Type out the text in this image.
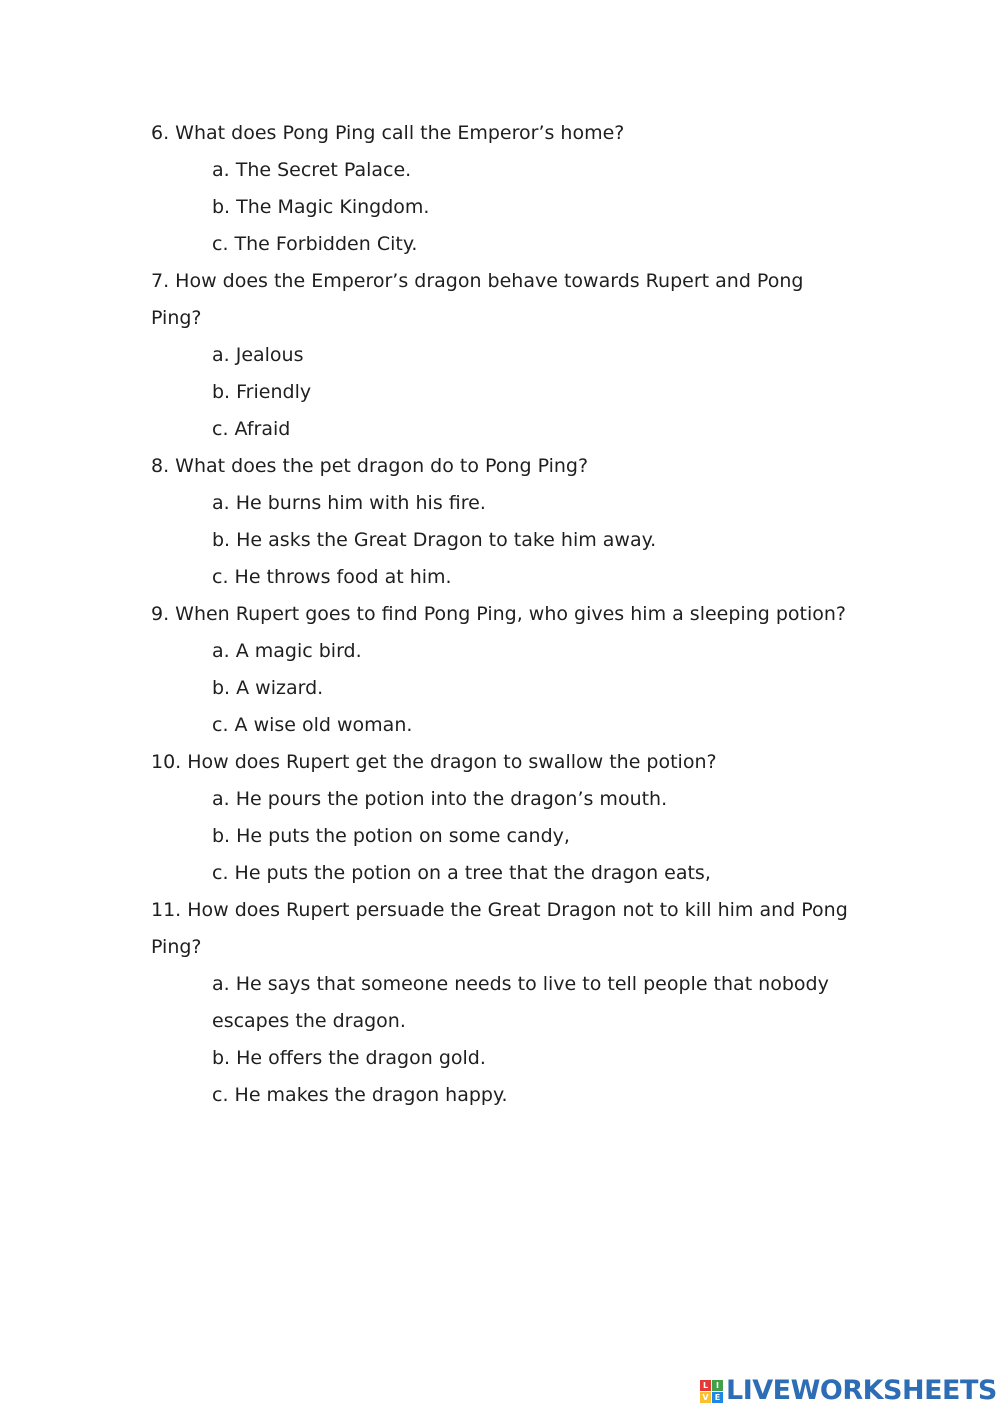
6. What does Pong Ping call the Emperor’s home?

a. The Secret Palace.
b. The Magic Kingdom.
c. The Forbidden City.

7. How does the Emperor’s dragon behave towards Rupert and Pong Ping?

a. Jealous
b. Friendly
c. Afraid

8. What does the pet dragon do to Pong Ping?

a. He burns him with his fire.
b. He asks the Great Dragon to take him away.
c. He throws food at him.

9. When Rupert goes to find Pong Ping, who gives him a sleeping potion?

a. A magic bird.
b. A wizard.
c. A wise old woman.

10. How does Rupert get the dragon to swallow the potion?

a. He pours the potion into the dragon’s mouth.
b. He puts the potion on some candy,
c. He puts the potion on a tree that the dragon eats,

11. How does Rupert persuade the Great Dragon not to kill him and Pong Ping?

a. He says that someone needs to live to tell people that nobody escapes the dragon.
b. He offers the dragon gold.
c. He makes the dragon happy.
L I
V E LIVEWORKSHEETS
